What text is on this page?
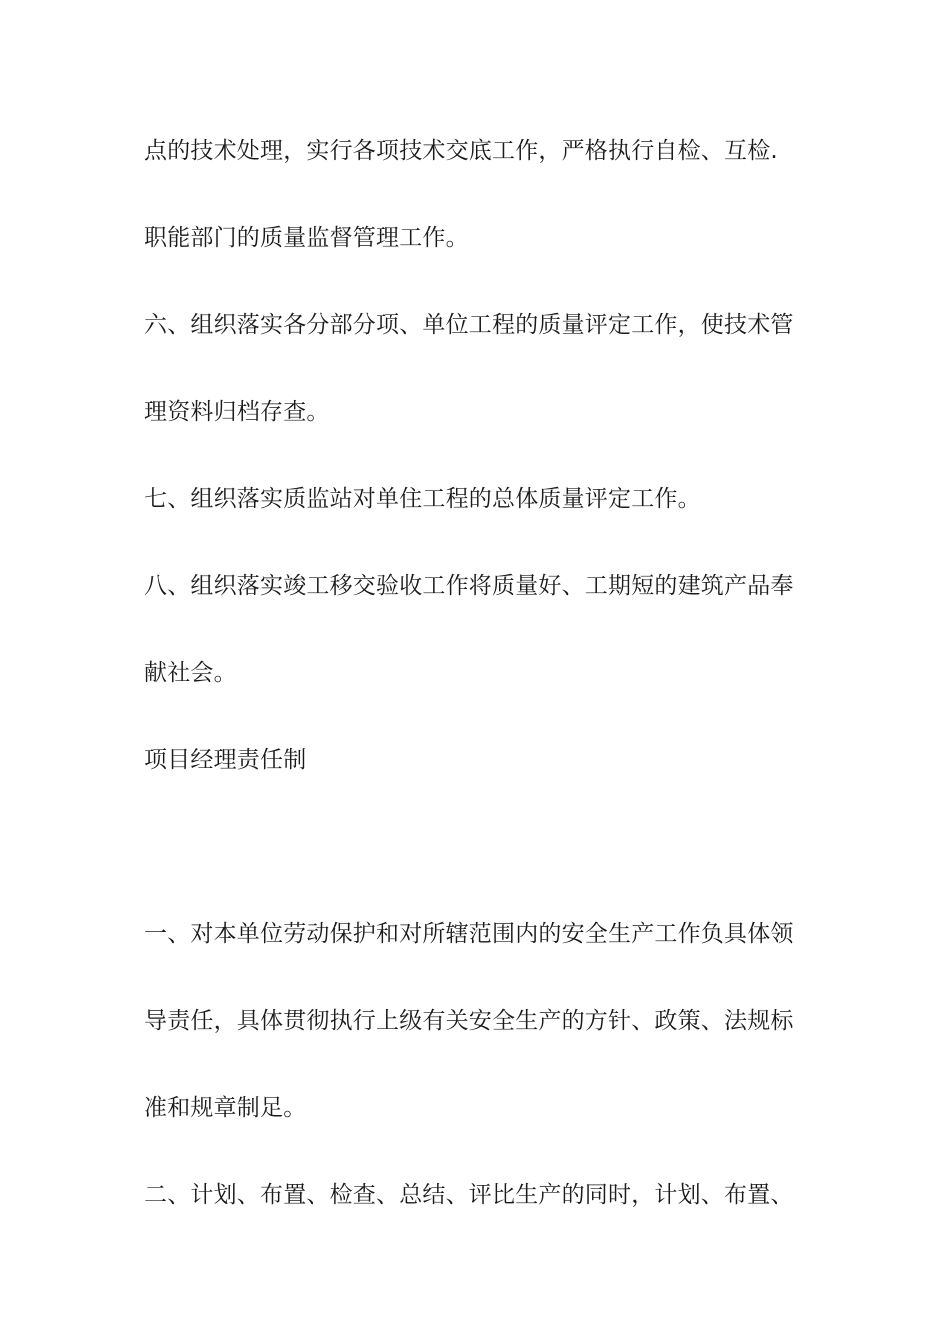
点的技术处理，实行各项技术交底工作，严格执行自检、互检.
职能部门的质量监督管理工作。
六、组织落实各分部分项、单位工程的质量评定工作，使技术管
理资料归档存查。
七、组织落实质监站对单住工程的总体质量评定工作。
八、组织落实竣工移交验收工作将质量好、工期短的建筑产品奉
献社会。
项目经理责任制
一、对本单位劳动保护和对所辖范围内的安全生产工作负具体领
导责任，具体贯彻执行上级有关安全生产的方针、政策、法规标
准和规章制足。
二、计划、布置、检查、总结、评比生产的同时，计划、布置、
